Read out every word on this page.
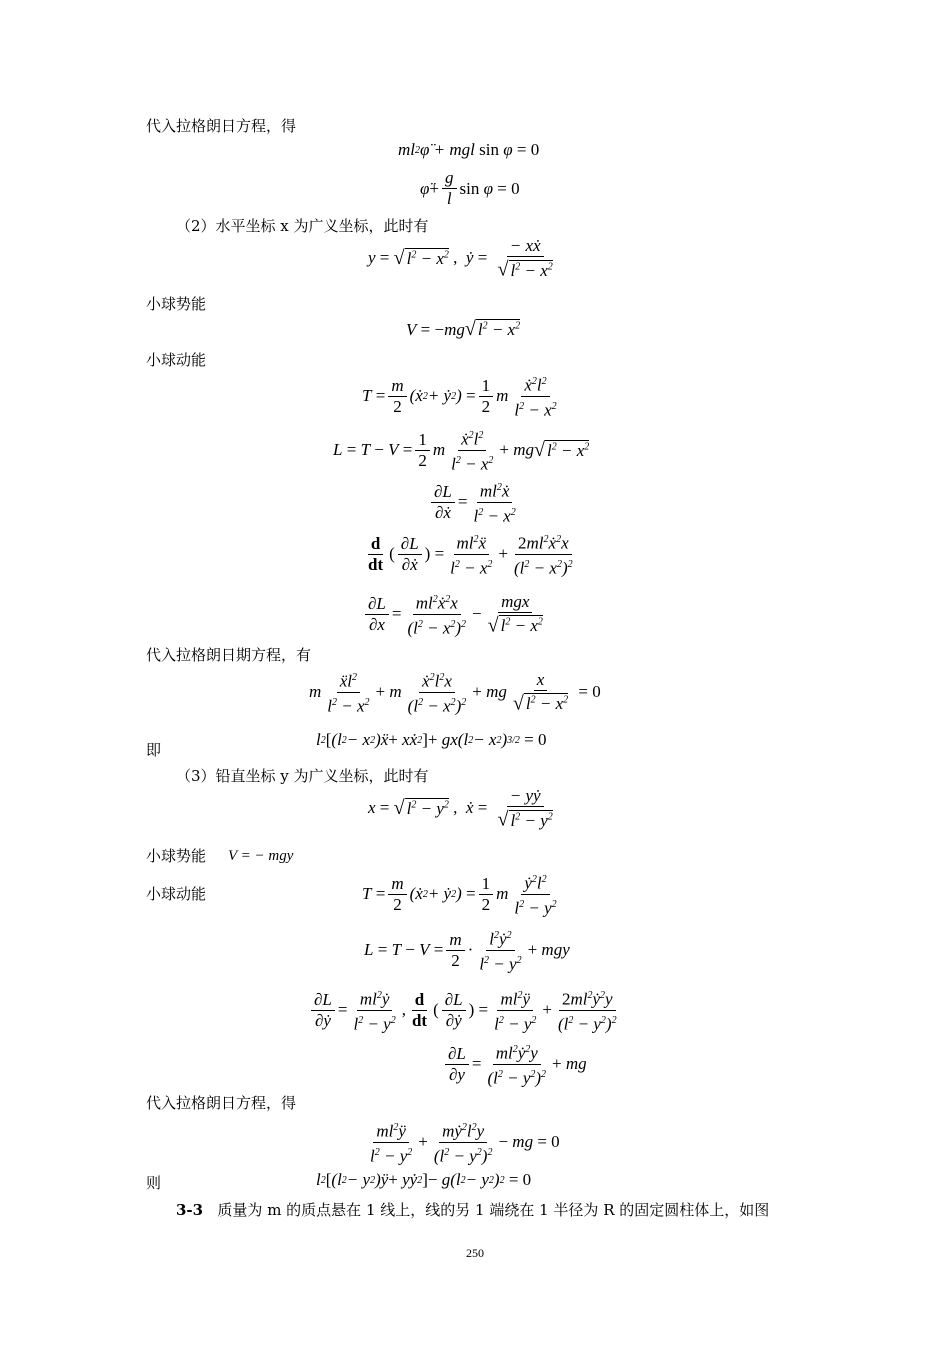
代入拉格朗日方程，得
ml 2 φ̈ + mgl sin φ = 0
φ̈ + $\frac{g}{l}$ sin φ = 0
（2）水平坐标 x 为广义坐标，此时有
y = √ $l^2 - x^2$ , ẏ = $\frac{\text{− xẋ}}{√ l^2 - x^2}$
小球势能
V = − mg √ $l^2 - x^2$
小球动能
$T = \frac{m}{2}$ (ẋ 2 + ẏ 2 ) = $\frac{1}{2}$ m $\frac{ẋ^2l^2}{l^2 - x^2}$
$L = T - V = \frac{1}{2}$ m $\frac{ẋ^2l^2}{l^2 - x^2}$ + mg √ $l^2 - x^2$
$\frac{\partial L}{\text{∂ẋ}} = \frac{ml^2ẋ}{l^2 - x^2}$
$\frac{d}{dt}$ ( $\frac{\partial L}{\text{∂ẋ}}$ ) = $\frac{ml^2ẍ}{l^2 - x^2} + \frac{2ml^2ẋ^2x}{(l^2 - x^2)^2}$
$\frac{\partial L}{\partial x} = \frac{ml^2ẋ^2x}{(l^2 - x^2)^2} - \frac{\text{mgx}}{√ l^2 - x^2}$
代入拉格朗日期方程，有
m $\frac{ẍl^2}{l^2 - x^2} + m \frac{ẋ^2l^2x}{(l^2 - x^2)^2}$ + mg $\frac{x}{√ l^2 - x^2} = 0$
即
l 2 [ (l 2 − x 2 )ẍ + xẋ 2 ] + gx(l 2 − x 2 ) 3/2 = 0
（3）铅直坐标 y 为广义坐标，此时有
x = √ $l^2 - y^2$ , ẋ = $\frac{\text{− yẏ}}{√ l^2 - y^2}$
小球势能 V = − mgy
小球动能	$T = \frac{m}{2}$ (ẋ 2 + ẏ 2 ) = $\frac{1}{2}$ m $\frac{ẏ^2l^2}{l^2 - y^2}$
$L = T - V = \frac{m}{2} \cdot \frac{l^2ẏ^2}{l^2 - y^2}$ + mgy
$\frac{\partial L}{\text{∂ẏ}} = \frac{ml^2ẏ}{l^2 - y^2}$ , $\frac{d}{dt}$ ( $\frac{\partial L}{\text{∂ẏ}}$ ) = $\frac{ml^2ÿ}{l^2 - y^2} + \frac{2ml^2ẏ^2y}{(l^2 - y^2)^2}$
$\frac{\partial L}{\partial y} = \frac{ml^2ẏ^2y}{(l^2 - y^2)^2}$ + mg
代入拉格朗日方程，得
$\frac{ml^2ÿ}{l^2 - y^2} + \frac{mẏ^2l^2y}{(l^2 - y^2)^2}$ − mg = 0
则	l 2 [ (l 2 − y 2 )ÿ + yẏ 2 ] − g(l 2 − y 2 ) 2 = 0
3-3 质量为 m 的质点悬在 1 线上，线的另 1 端绕在 1 半径为 R 的固定圆柱体上，如图
250
